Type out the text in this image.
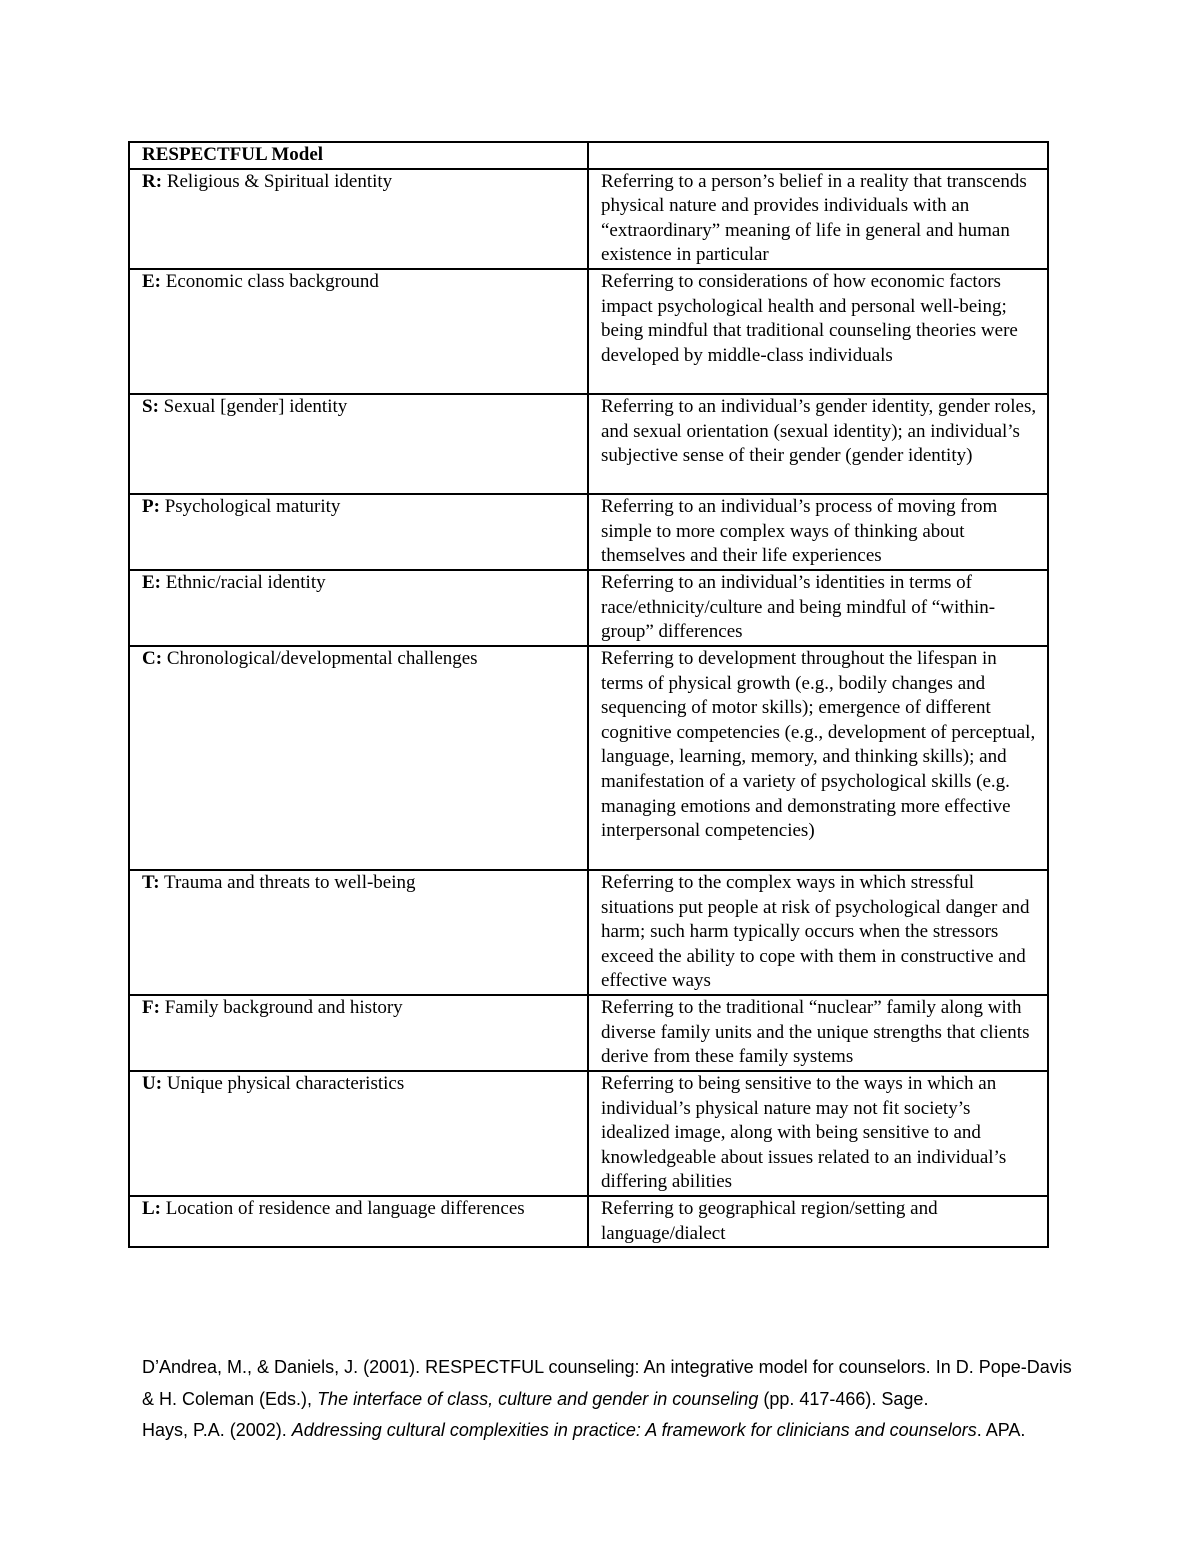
RESPECTFUL Model	
R: Religious & Spiritual identity	Referring to a person’s belief in a reality that transcends physical nature and provides individuals with an “extraordinary” meaning of life in general and human existence in particular
E: Economic class background	Referring to considerations of how economic factors impact psychological health and personal well-being; being mindful that traditional counseling theories were developed by middle-class individuals
S: Sexual [gender] identity	Referring to an individual’s gender identity, gender roles, and sexual orientation (sexual identity); an individual’s subjective sense of their gender (gender identity)
P: Psychological maturity	Referring to an individual’s process of moving from simple to more complex ways of thinking about themselves and their life experiences
E: Ethnic/racial identity	Referring to an individual’s identities in terms of race/ethnicity/culture and being mindful of “within-group” differences
C: Chronological/developmental challenges	Referring to development throughout the lifespan in terms of physical growth (e.g., bodily changes and sequencing of motor skills); emergence of different cognitive competencies (e.g., development of perceptual, language, learning, memory, and thinking skills); and manifestation of a variety of psychological skills (e.g. managing emotions and demonstrating more effective interpersonal competencies)
T: Trauma and threats to well-being	Referring to the complex ways in which stressful situations put people at risk of psychological danger and harm; such harm typically occurs when the stressors exceed the ability to cope with them in constructive and effective ways
F: Family background and history	Referring to the traditional “nuclear” family along with diverse family units and the unique strengths that clients derive from these family systems
U: Unique physical characteristics	Referring to being sensitive to the ways in which an individual’s physical nature may not fit society’s idealized image, along with being sensitive to and knowledgeable about issues related to an individual’s differing abilities
L: Location of residence and language differences	Referring to geographical region/setting and language/dialect

D’Andrea, M., & Daniels, J. (2001). RESPECTFUL counseling: An integrative model for counselors. In D. Pope-Davis & H. Coleman (Eds.), The interface of class, culture and gender in counseling (pp. 417-466). Sage.

Hays, P.A. (2002). Addressing cultural complexities in practice: A framework for clinicians and counselors. APA.
